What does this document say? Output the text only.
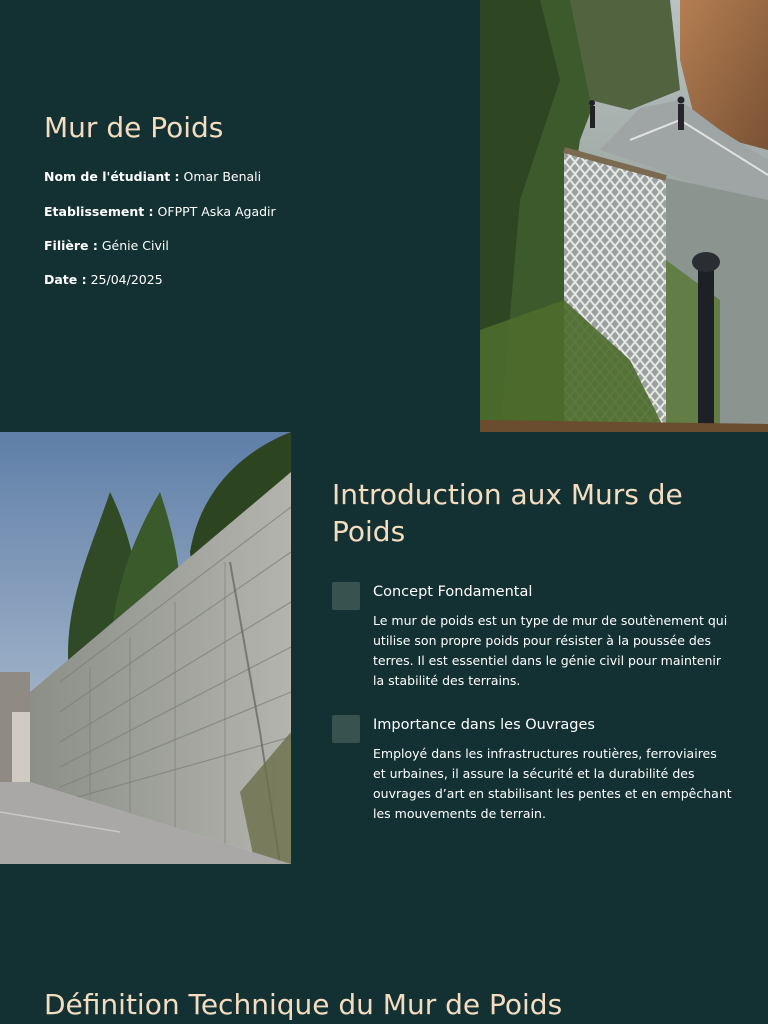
Mur de Poids

Nom de l'étudiant : Omar Benali

Etablissement : OFPPT Aska Agadir

Filière : Génie Civil

Date : 25/04/2025

Introduction aux Murs de Poids
Concept Fondamental

Le mur de poids est un type de mur de soutènement qui utilise son propre poids pour résister à la poussée des terres. Il est essentiel dans le génie civil pour maintenir la stabilité des terrains.

Importance dans les Ouvrages

Employé dans les infrastructures routières, ferroviaires et urbaines, il assure la sécurité et la durabilité des ouvrages d’art en stabilisant les pentes et en empêchant les mouvements de terrain.

Définition Technique du Mur de Poids
